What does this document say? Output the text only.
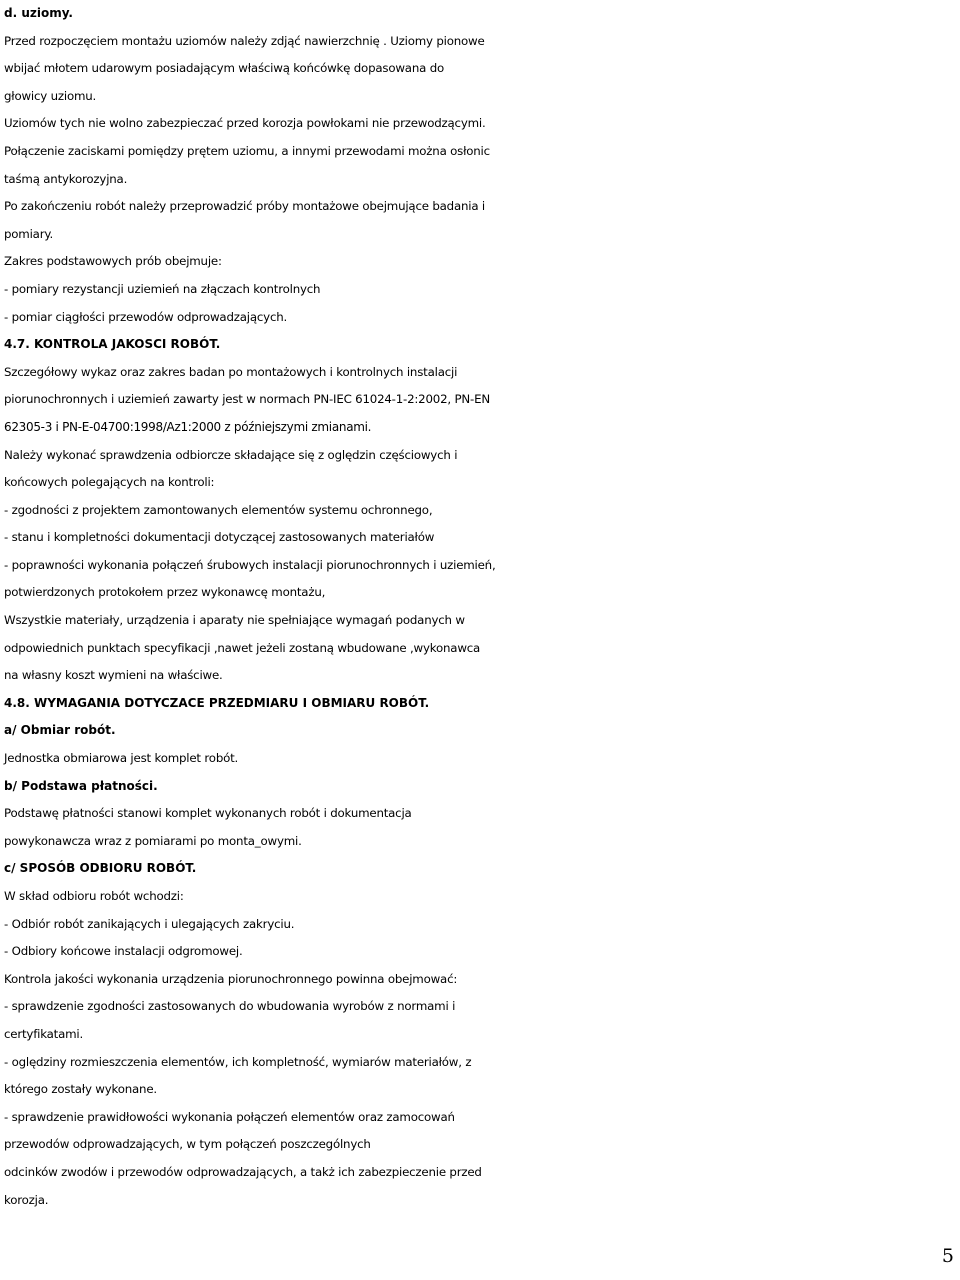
d. uziomy.
Przed rozpoczęciem montażu uziomów należy zdjąć nawierzchnię . Uziomy pionowe
wbijać młotem udarowym posiadającym właściwą końcówkę dopasowana do
głowicy uziomu.
Uziomów tych nie wolno zabezpieczać przed korozja powłokami nie przewodzącymi.
Połączenie zaciskami pomiędzy prętem uziomu, a innymi przewodami można osłonic
taśmą antykorozyjna.
Po zakończeniu robót należy przeprowadzić próby montażowe obejmujące badania i
pomiary.
Zakres podstawowych prób obejmuje:
- pomiary rezystancji uziemień na złączach kontrolnych
- pomiar ciągłości przewodów odprowadzających.
4.7. KONTROLA JAKOSCI ROBÓT.
Szczegółowy wykaz oraz zakres badan po montażowych i kontrolnych instalacji
piorunochronnych i uziemień zawarty jest w normach PN-IEC 61024-1-2:2002, PN-EN
62305-3 i PN-E-04700:1998/Az1:2000 z późniejszymi zmianami.
Należy wykonać sprawdzenia odbiorcze składające się z oględzin częściowych i
końcowych polegających na kontroli:
- zgodności z projektem zamontowanych elementów systemu ochronnego,
- stanu i kompletności dokumentacji dotyczącej zastosowanych materiałów
- poprawności wykonania połączeń śrubowych instalacji piorunochronnych i uziemień,
potwierdzonych protokołem przez wykonawcę montażu,
Wszystkie materiały, urządzenia i aparaty nie spełniające wymagań podanych w
odpowiednich punktach specyfikacji ,nawet jeżeli zostaną wbudowane ,wykonawca
na własny koszt wymieni na właściwe.
4.8. WYMAGANIA DOTYCZACE PRZEDMIARU I OBMIARU ROBÓT.
a/ Obmiar robót.
Jednostka obmiarowa jest komplet robót.
b/ Podstawa płatności.
Podstawę płatności stanowi komplet wykonanych robót i dokumentacja
powykonawcza wraz z pomiarami po monta_owymi.
c/ SPOSÓB ODBIORU ROBÓT.
W skład odbioru robót wchodzi:
- Odbiór robót zanikających i ulegających zakryciu.
- Odbiory końcowe instalacji odgromowej.
Kontrola jakości wykonania urządzenia piorunochronnego powinna obejmować:
- sprawdzenie zgodności zastosowanych do wbudowania wyrobów z normami i
certyfikatami.
- oględziny rozmieszczenia elementów, ich kompletność, wymiarów materiałów, z
którego zostały wykonane.
- sprawdzenie prawidłowości wykonania połączeń elementów oraz zamocowań
przewodów odprowadzających, w tym połączeń poszczególnych
odcinków zwodów i przewodów odprowadzających, a takż ich zabezpieczenie przed
korozja.
5
